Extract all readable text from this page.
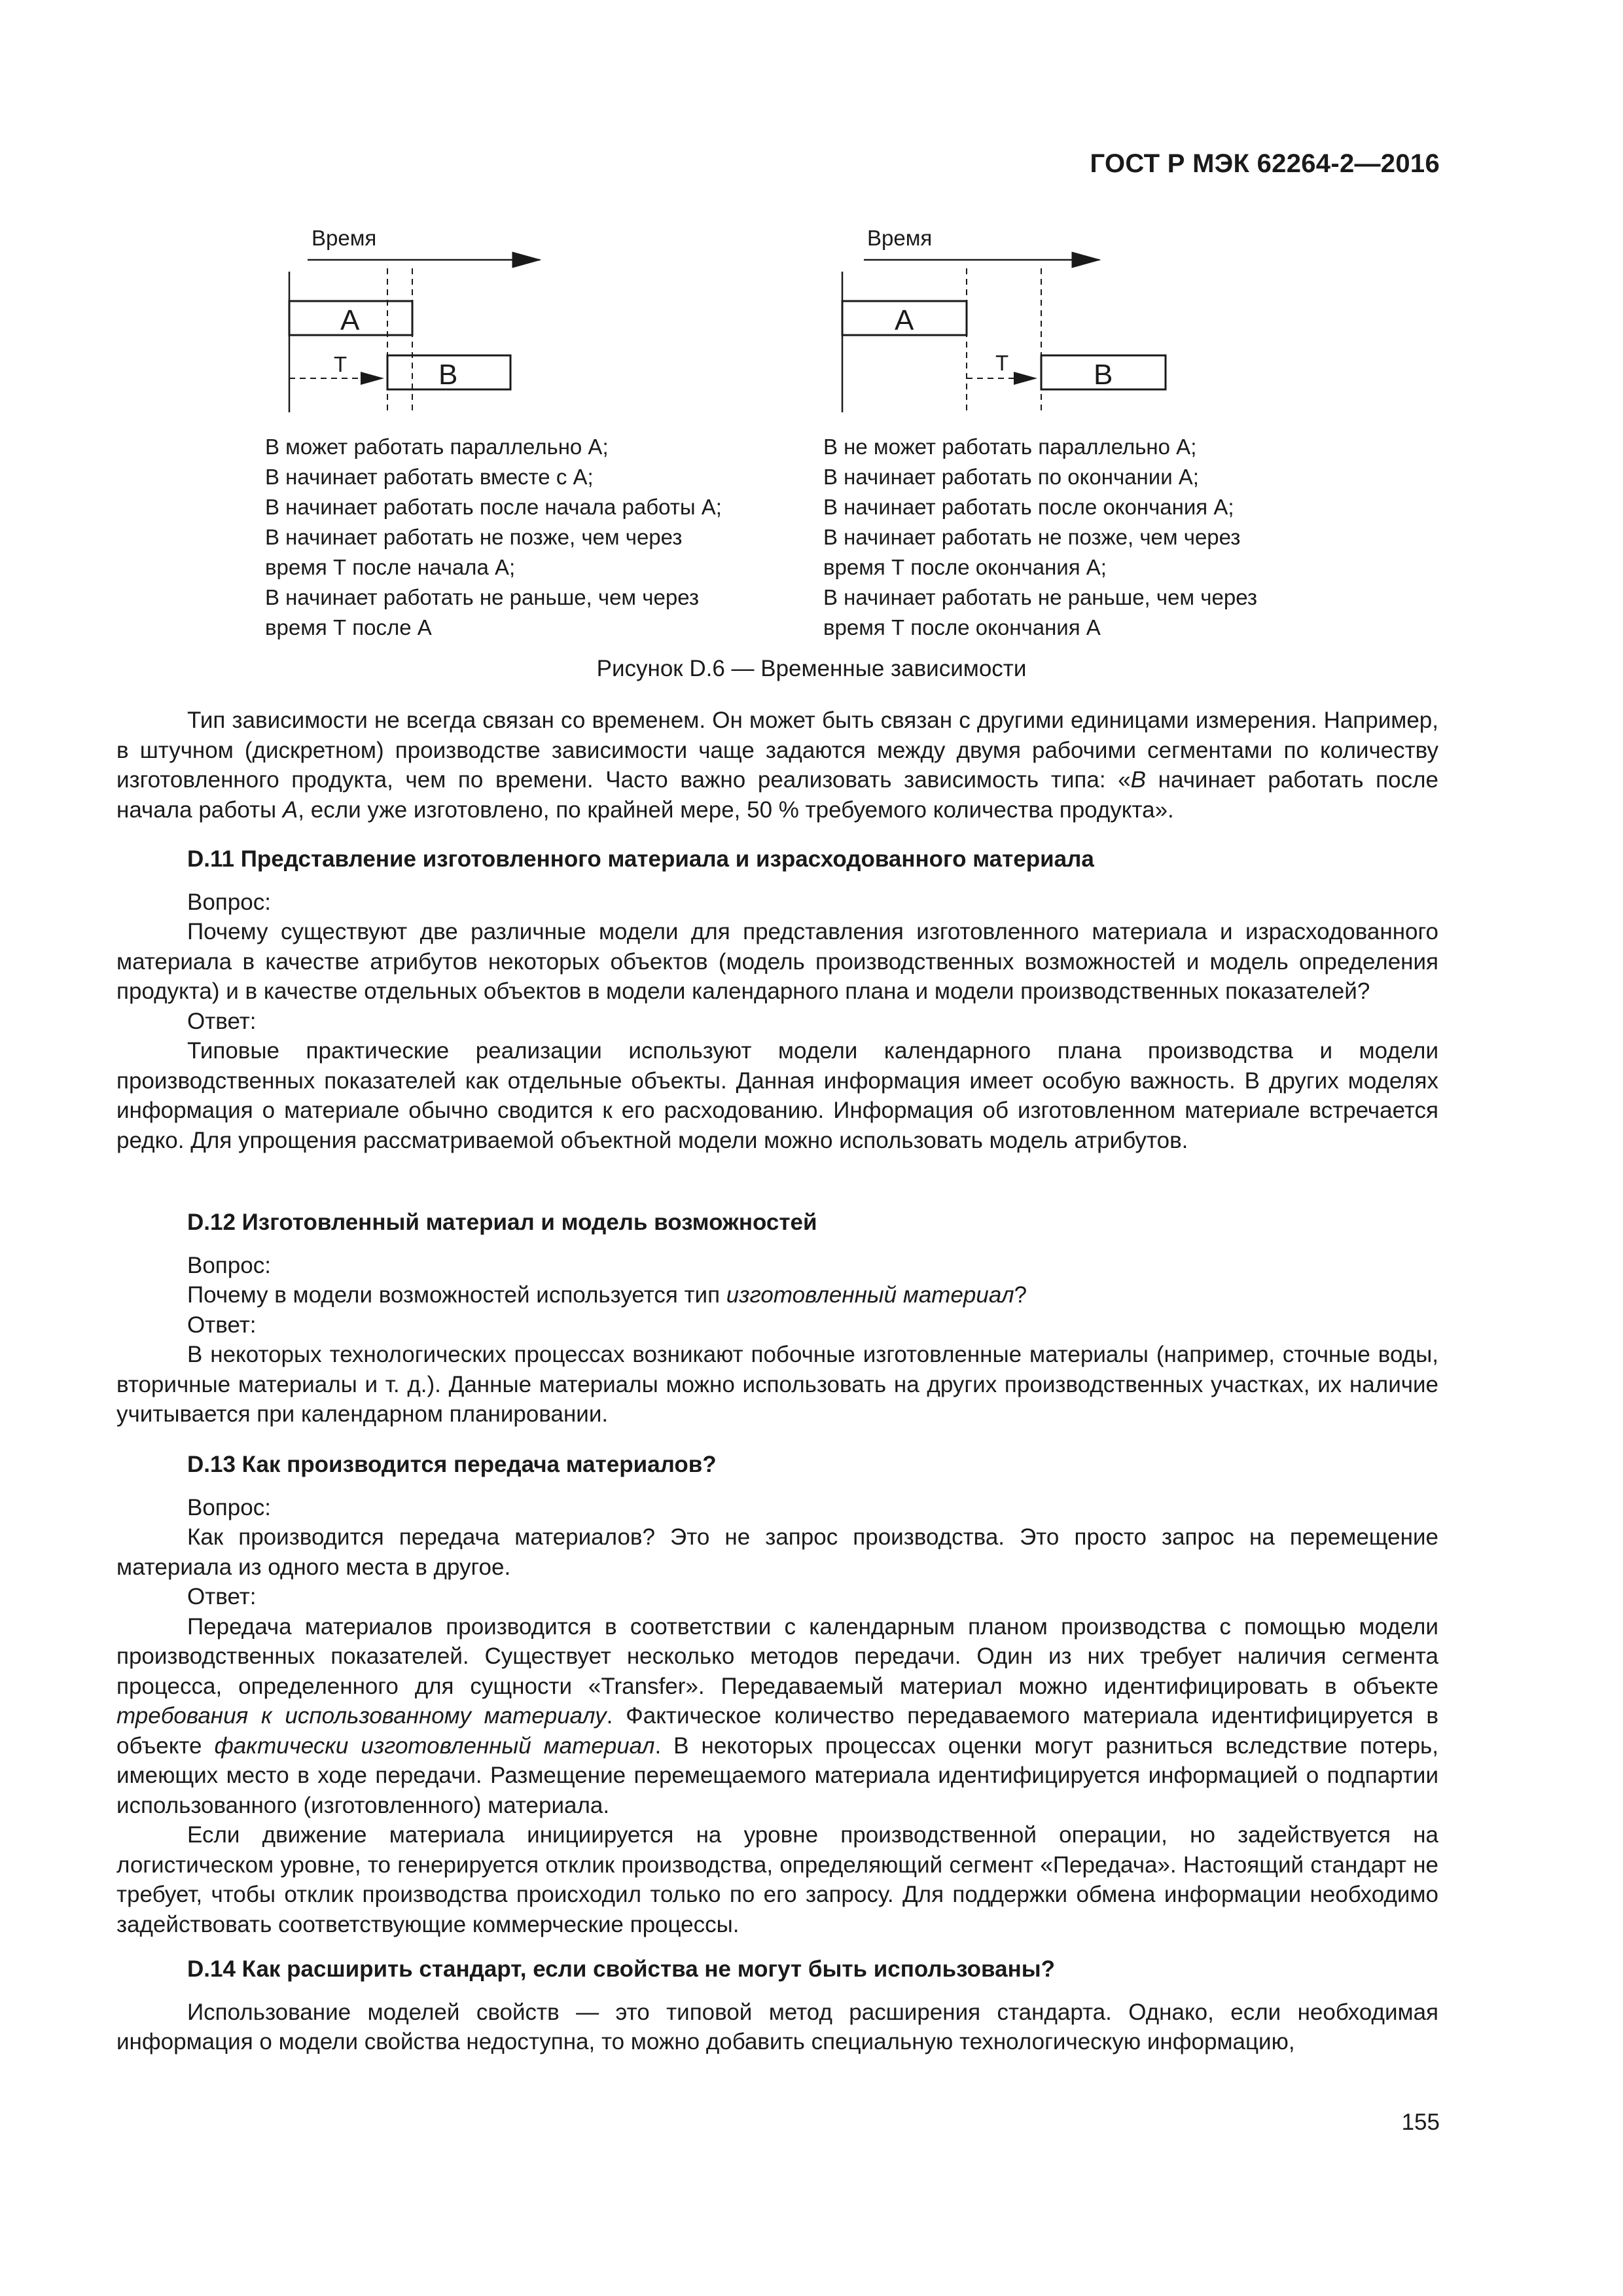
ГОСТ Р МЭК 62264-2—2016
Время
A
B
T
Время
A
B
T
В может работать параллельно А;
В начинает работать вместе с А;
В начинает работать после начала работы А;
В начинает работать не позже, чем через
время Т после начала А;
В начинает работать не раньше, чем через
время Т после А
В не может работать параллельно А;
В начинает работать по окончании А;
В начинает работать после окончания А;
В начинает работать не позже, чем через
время Т после окончания А;
В начинает работать не раньше, чем через
время Т после окончания А
Рисунок D.6 — Временные зависимости

Тип зависимости не всегда связан со временем. Он может быть связан с другими единицами измерения. Например, в штучном (дискретном) производстве зависимости чаще задаются между двумя рабочими сегментами по количеству изготовленного продукта, чем по времени. Часто важно реализовать зависимость типа: «B начинает работать после начала работы A, если уже изготовлено, по крайней мере, 50 % требуемого количества продукта».

D.11 Представление изготовленного материала и израсходованного материала

Вопрос:

Почему существуют две различные модели для представления изготовленного материала и израсходованного материала в качестве атрибутов некоторых объектов (модель производственных возможностей и модель определения продукта) и в качестве отдельных объектов в модели календарного плана и модели производственных показателей?

Ответ:

Типовые практические реализации используют модели календарного плана производства и модели производственных показателей как отдельные объекты. Данная информация имеет особую важность. В других моделях информация о материале обычно сводится к его расходованию. Информация об изготовленном материале встречается редко. Для упрощения рассматриваемой объектной модели можно использовать модель атрибутов.

D.12 Изготовленный материал и модель возможностей

Вопрос:

Почему в модели возможностей используется тип изготовленный материал?

Ответ:

В некоторых технологических процессах возникают побочные изготовленные материалы (например, сточные воды, вторичные материалы и т. д.). Данные материалы можно использовать на других производственных участках, их наличие учитывается при календарном планировании.

D.13 Как производится передача материалов?

Вопрос:

Как производится передача материалов? Это не запрос производства. Это просто запрос на перемещение материала из одного места в другое.

Ответ:

Передача материалов производится в соответствии с календарным планом производства с помощью модели производственных показателей. Существует несколько методов передачи. Один из них требует наличия сегмента процесса, определенного для сущности «Transfer». Передаваемый материал можно идентифицировать в объекте требования к использованному материалу. Фактическое количество передаваемого материала идентифицируется в объекте фактически изготовленный материал. В некоторых процессах оценки могут разниться вследствие потерь, имеющих место в ходе передачи. Размещение перемещаемого материала идентифицируется информацией о подпартии использованного (изготовленного) материала.

Если движение материала инициируется на уровне производственной операции, но задействуется на логистическом уровне, то генерируется отклик производства, определяющий сегмент «Передача». Настоящий стандарт не требует, чтобы отклик производства происходил только по его запросу. Для поддержки обмена информации необходимо задействовать соответствующие коммерческие процессы.

D.14 Как расширить стандарт, если свойства не могут быть использованы?

Использование моделей свойств — это типовой метод расширения стандарта. Однако, если необходимая информация о модели свойства недоступна, то можно добавить специальную технологическую информацию,

155
